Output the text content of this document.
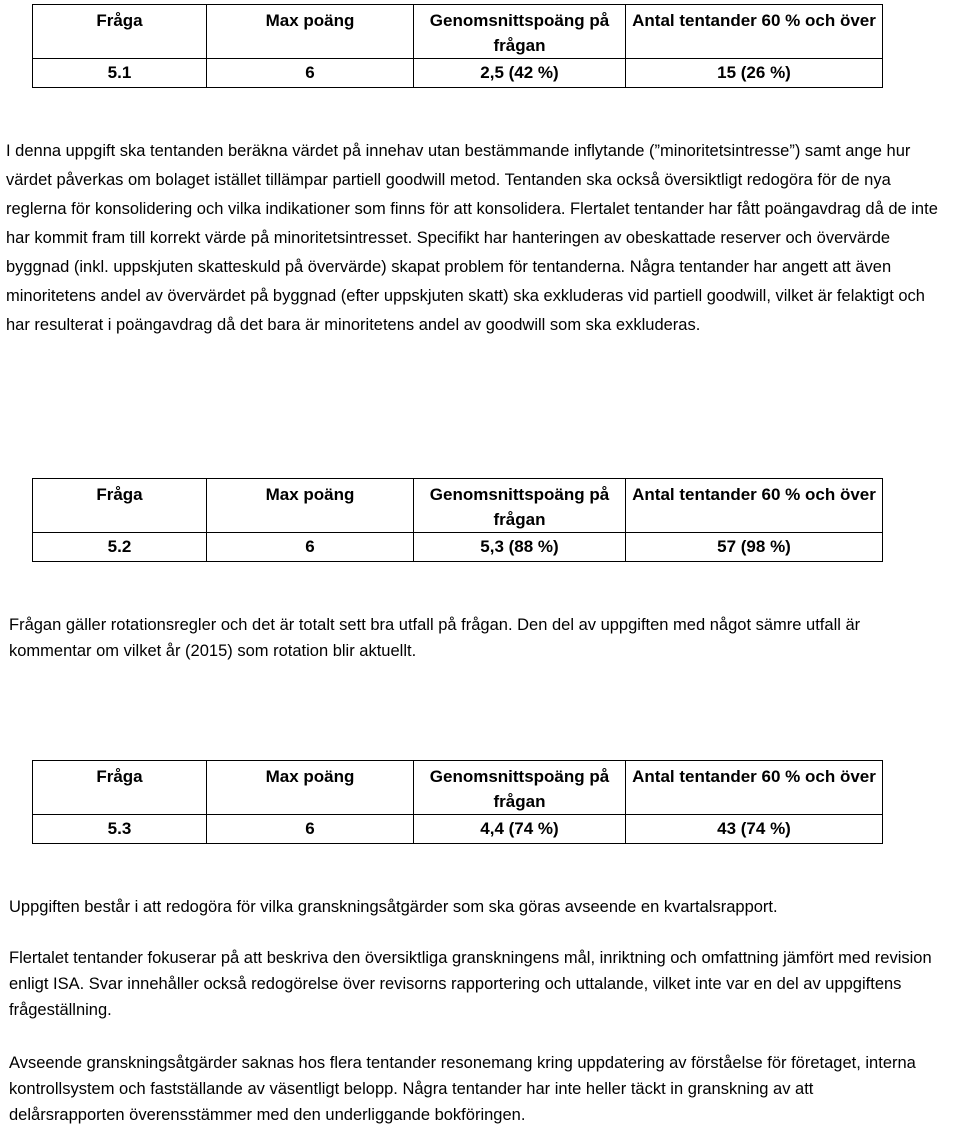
Fråga	Max poäng	Genomsnittspoäng på frågan	Antal tentander 60 % och över
5.1	6	2,5 (42 %)	15 (26 %)

I denna uppgift ska tentanden beräkna värdet på innehav utan bestämmande inflytande (”minoritetsintresse”) samt ange hur värdet påverkas om bolaget istället tillämpar partiell goodwill metod. Tentanden ska också översiktligt redogöra för de nya reglerna för konsolidering och vilka indikationer som finns för att konsolidera. Flertalet tentander har fått poängavdrag då de inte har kommit fram till korrekt värde på minoritetsintresset. Specifikt har hanteringen av obeskattade reserver och övervärde byggnad (inkl. uppskjuten skatteskuld på övervärde) skapat problem för tentanderna. Några tentander har angett att även minoritetens andel av övervärdet på byggnad (efter uppskjuten skatt) ska exkluderas vid partiell goodwill, vilket är felaktigt och har resulterat i poängavdrag då det bara är minoritetens andel av goodwill som ska exkluderas.

Fråga	Max poäng	Genomsnittspoäng på frågan	Antal tentander 60 % och över
5.2	6	5,3 (88 %)	57 (98 %)

Frågan gäller rotationsregler och det är totalt sett bra utfall på frågan. Den del av uppgiften med något sämre utfall är kommentar om vilket år (2015) som rotation blir aktuellt.

Fråga	Max poäng	Genomsnittspoäng på frågan	Antal tentander 60 % och över
5.3	6	4,4 (74 %)	43 (74 %)

Uppgiften består i att redogöra för vilka granskningsåtgärder som ska göras avseende en kvartalsrapport.

Flertalet tentander fokuserar på att beskriva den översiktliga granskningens mål, inriktning och omfattning jämfört med revision enligt ISA. Svar innehåller också redogörelse över revisorns rapportering och uttalande, vilket inte var en del av uppgiftens frågeställning.

Avseende granskningsåtgärder saknas hos flera tentander resonemang kring uppdatering av förståelse för företaget, interna kontrollsystem och fastställande av väsentligt belopp. Några tentander har inte heller täckt in granskning av att delårsrapporten överensstämmer med den underliggande bokföringen.
